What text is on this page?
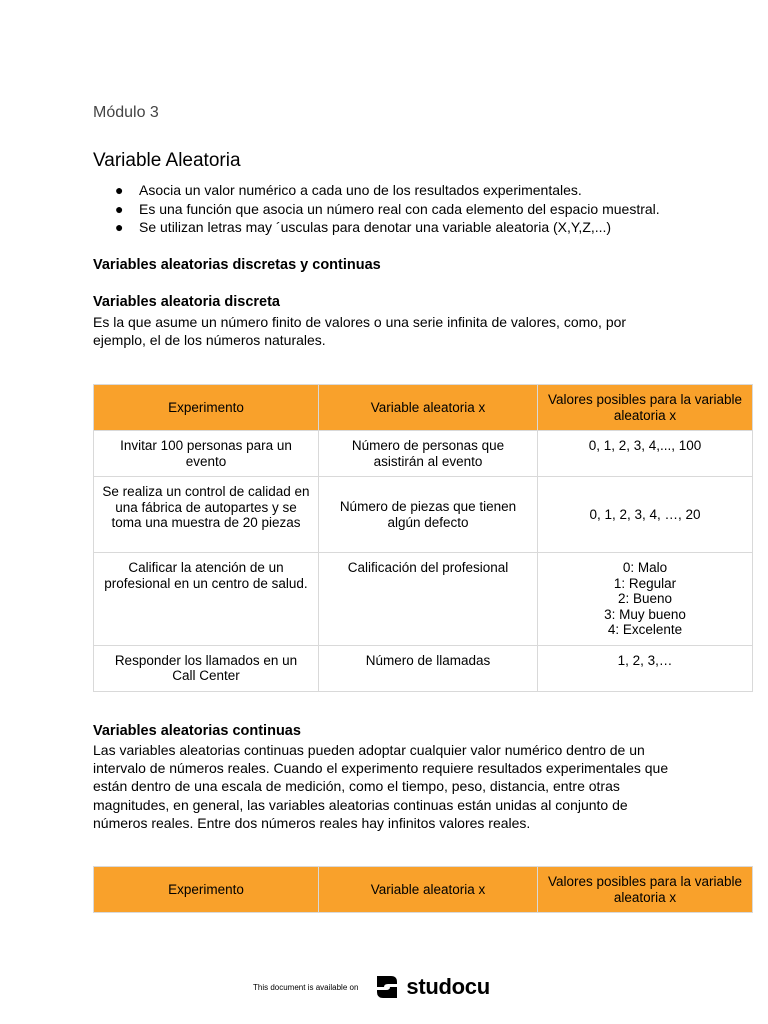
Módulo 3
Variable Aleatoria
● Asocia un valor numérico a cada uno de los resultados experimentales.
● Es una función que asocia un número real con cada elemento del espacio muestral.
● Se utilizan letras may ´usculas para denotar una variable aleatoria (X,Y,Z,...)
Variables aleatorias discretas y continuas
Variables aleatoria discreta

Es la que asume un número finito de valores o una serie infinita de valores, como, por ejemplo, el de los números naturales.

Experimento	Variable aleatoria x	Valores posibles para la variable aleatoria x
Invitar 100 personas para un evento	Número de personas que asistirán al evento	0, 1, 2, 3, 4,..., 100
Se realiza un control de calidad en una fábrica de autopartes y se toma una muestra de 20 piezas	Número de piezas que tienen algún defecto	0, 1, 2, 3, 4, …, 20
Calificar la atención de un profesional en un centro de salud.	Calificación del profesional	0: Malo
1: Regular
2: Bueno
3: Muy bueno
4: Excelente

Responder los llamados en un Call Center	Número de llamadas	1, 2, 3,…
Variables aleatorias continuas

Las variables aleatorias continuas pueden adoptar cualquier valor numérico dentro de un intervalo de números reales. Cuando el experimento requiere resultados experimentales que están dentro de una escala de medición, como el tiempo, peso, distancia, entre otras magnitudes, en general, las variables aleatorias continuas están unidas al conjunto de números reales. Entre dos números reales hay infinitos valores reales.

Experimento	Variable aleatoria x	Valores posibles para la variable aleatoria x
This document is available on studocu
